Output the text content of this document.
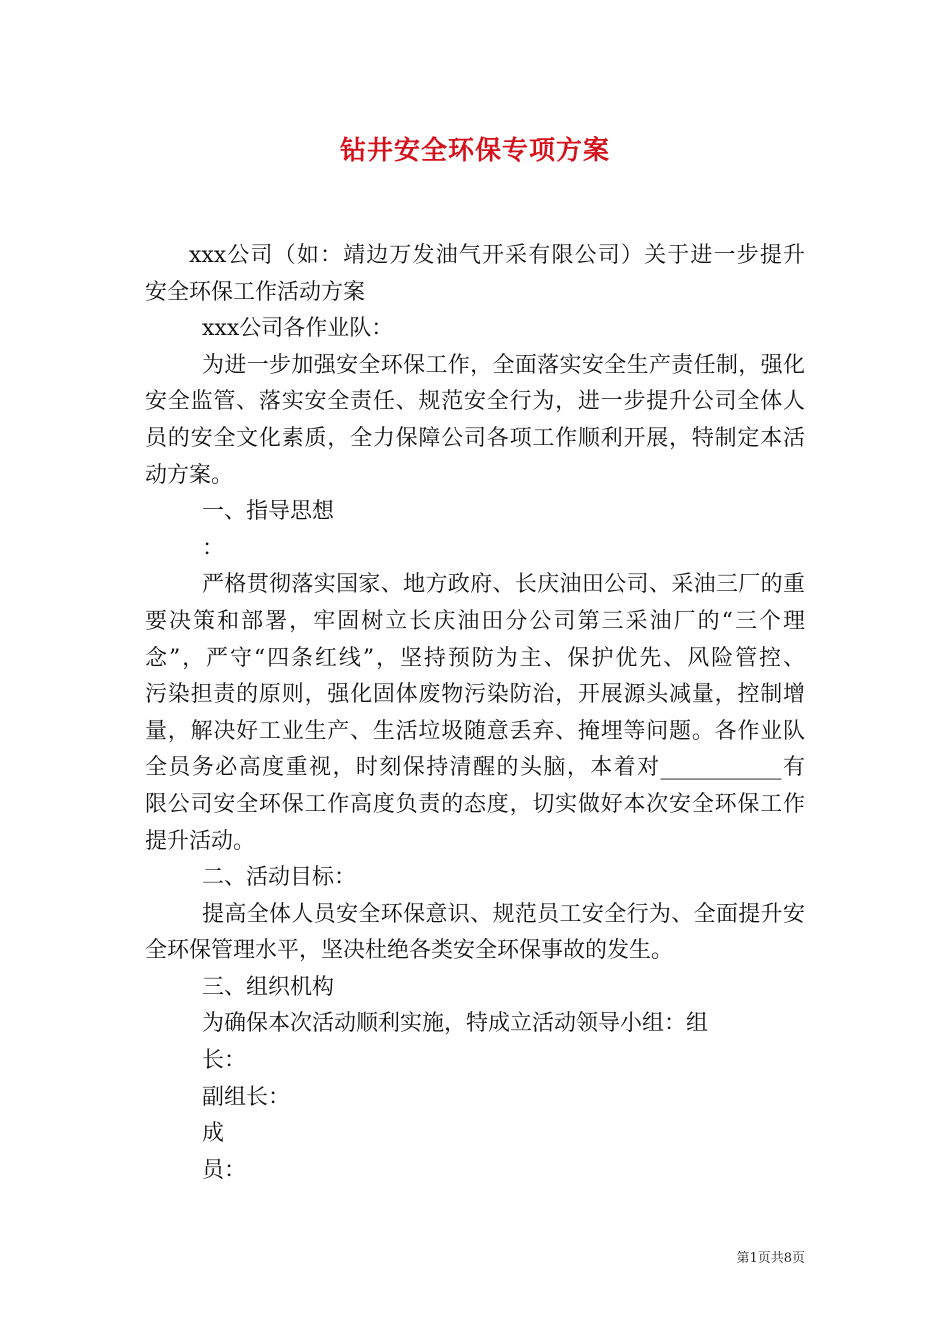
钻井安全环保专项方案
xxx公司（如：靖边万发油气开采有限公司）关于进一步提升
安全环保工作活动方案
xxx公司各作业队：
为进一步加强安全环保工作，全面落实安全生产责任制，强化
安全监管、落实安全责任、规范安全行为，进一步提升公司全体人
员的安全文化素质，全力保障公司各项工作顺利开展，特制定本活
动方案。
一、指导思想
：
严格贯彻落实国家、地方政府、长庆油田公司、采油三厂的重
要决策和部署，牢固树立长庆油田分公司第三采油厂的“三个理
念”，严守“四条红线”，坚持预防为主、保护优先、风险管控、
污染担责的原则，强化固体废物污染防治，开展源头减量，控制增
量，解决好工业生产、生活垃圾随意丢弃、掩埋等问题。各作业队
全员务必高度重视，时刻保持清醒的头脑，本着对___________有
限公司安全环保工作高度负责的态度，切实做好本次安全环保工作
提升活动。
二、活动目标：
提高全体人员安全环保意识、规范员工安全行为、全面提升安
全环保管理水平，坚决杜绝各类安全环保事故的发生。
三、组织机构
为确保本次活动顺利实施，特成立活动领导小组：组
长：
副组长：
成
员：
第1页共8页
